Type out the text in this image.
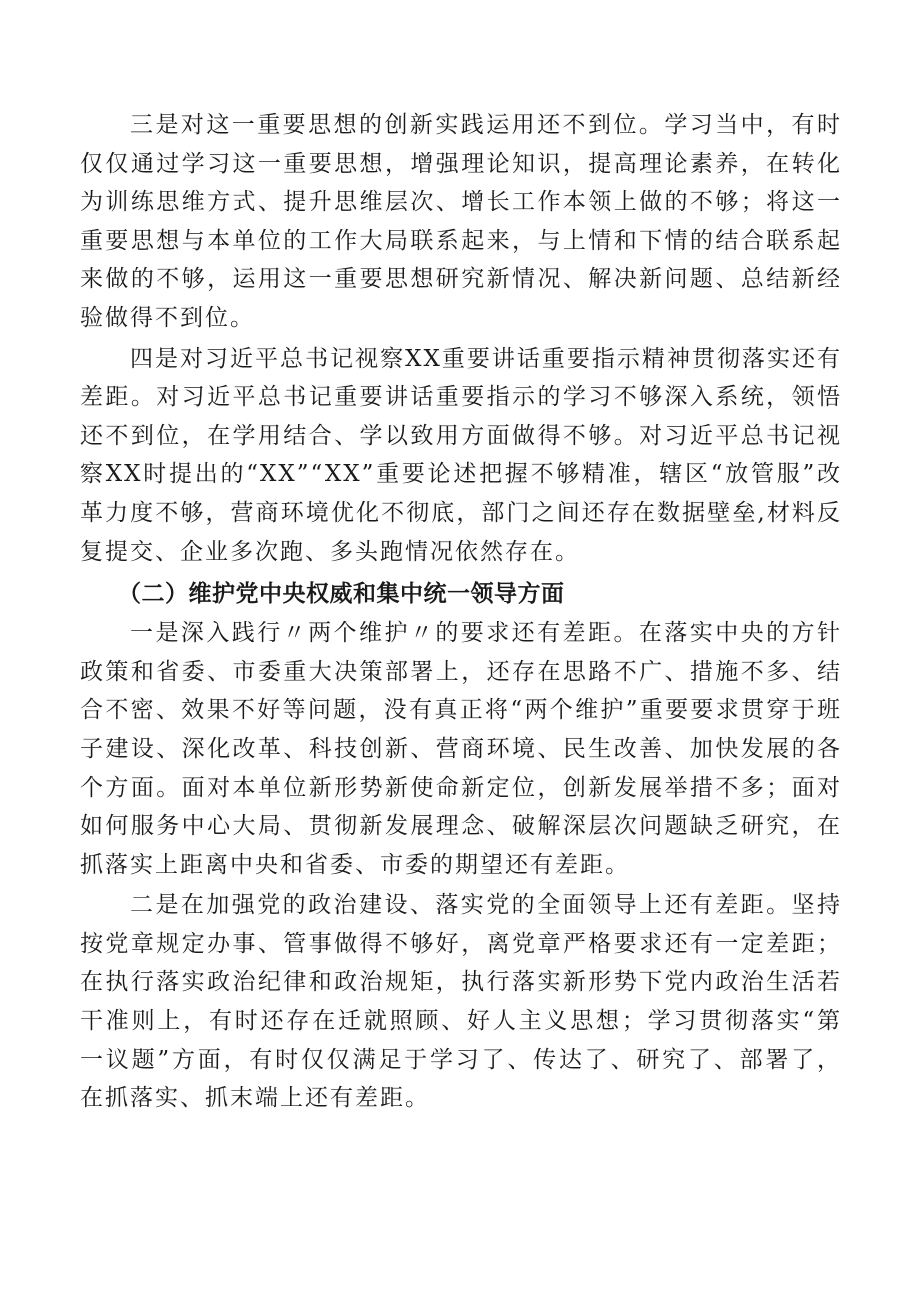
三是对这一重要思想的创新实践运用还不到位。学习当中，有时仅仅通过学习这一重要思想，增强理论知识，提高理论素养，在转化为训练思维方式、提升思维层次、增长工作本领上做的不够；将这一重要思想与本单位的工作大局联系起来，与上情和下情的结合联系起来做的不够，运用这一重要思想研究新情况、解决新问题、总结新经验做得不到位。

四是对习近平总书记视察XX重要讲话重要指示精神贯彻落实还有差距。对习近平总书记重要讲话重要指示的学习不够深入系统，领悟还不到位，在学用结合、学以致用方面做得不够。对习近平总书记视察XX时提出的“XX”“XX”重要论述把握不够精准，辖区“放管服”改革力度不够，营商环境优化不彻底，部门之间还存在数据壁垒,材料反复提交、企业多次跑、多头跑情况依然存在。

（二）维护党中央权威和集中统一领导方面

一是深入践行〃两个维护〃的要求还有差距。在落实中央的方针政策和省委、市委重大决策部署上，还存在思路不广、措施不多、结合不密、效果不好等问题，没有真正将“两个维护”重要要求贯穿于班子建设、深化改革、科技创新、营商环境、民生改善、加快发展的各个方面。面对本单位新形势新使命新定位，创新发展举措不多；面对如何服务中心大局、贯彻新发展理念、破解深层次问题缺乏研究，在抓落实上距离中央和省委、市委的期望还有差距。

二是在加强党的政治建设、落实党的全面领导上还有差距。坚持按党章规定办事、管事做得不够好，离党章严格要求还有一定差距；在执行落实政治纪律和政治规矩，执行落实新形势下党内政治生活若干准则上，有时还存在迁就照顾、好人主义思想；学习贯彻落实“第一议题”方面，有时仅仅满足于学习了、传达了、研究了、部署了，在抓落实、抓末端上还有差距。
